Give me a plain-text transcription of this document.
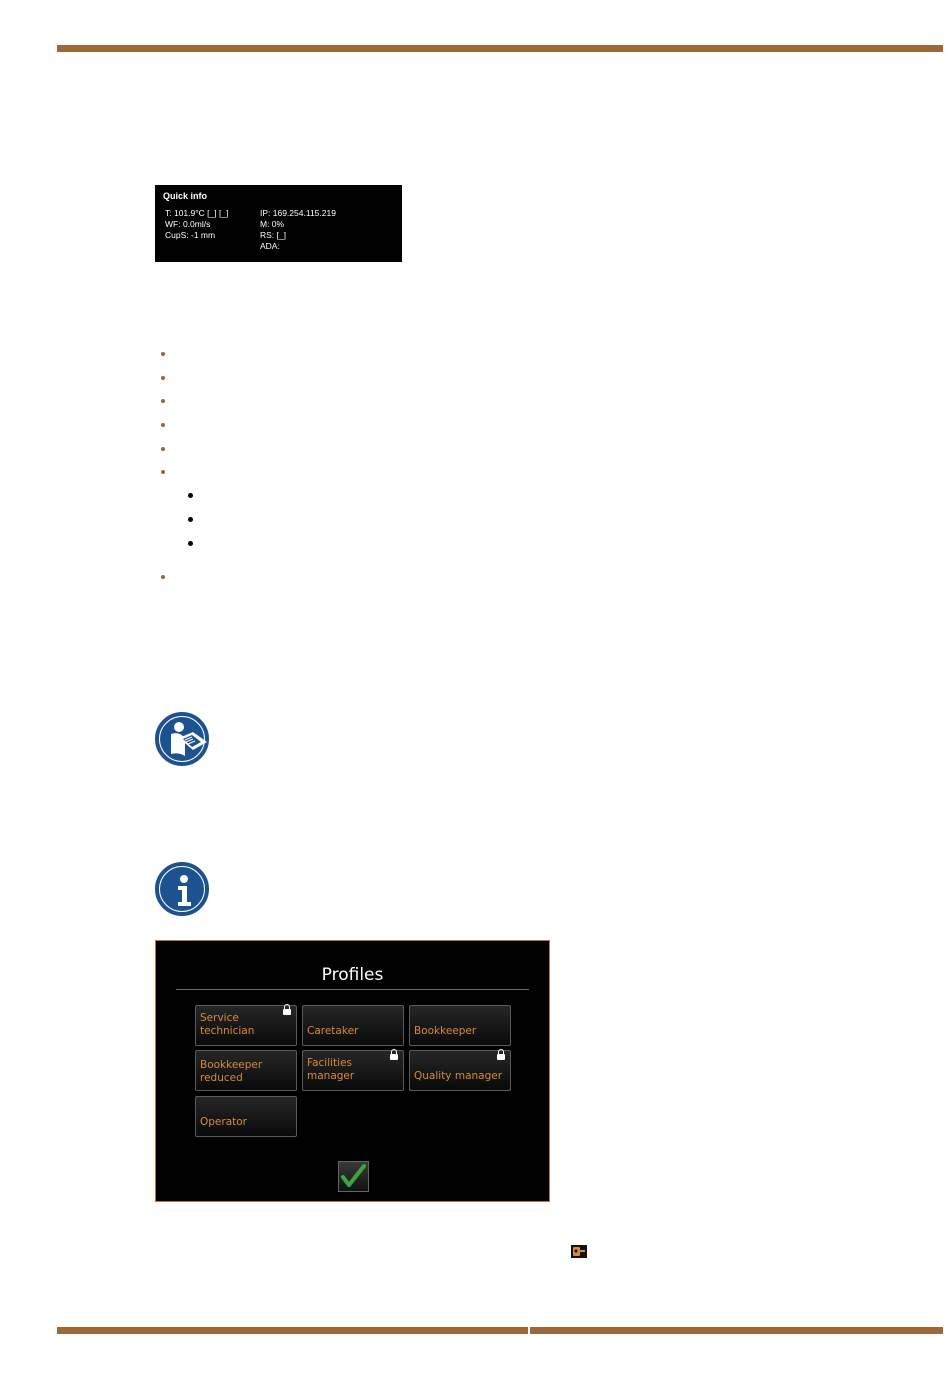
Quick info
T: 101.9°C [_] [_]
WF: 0.0ml/s
CupS: -1 mm
IP: 169.254.115.219
M: 0%
RS: [_]
ADA:
Profiles
Service technician	Caretaker	Bookkeeper
Bookkeeper reduced
Facilities manager	Quality manager
Operator
